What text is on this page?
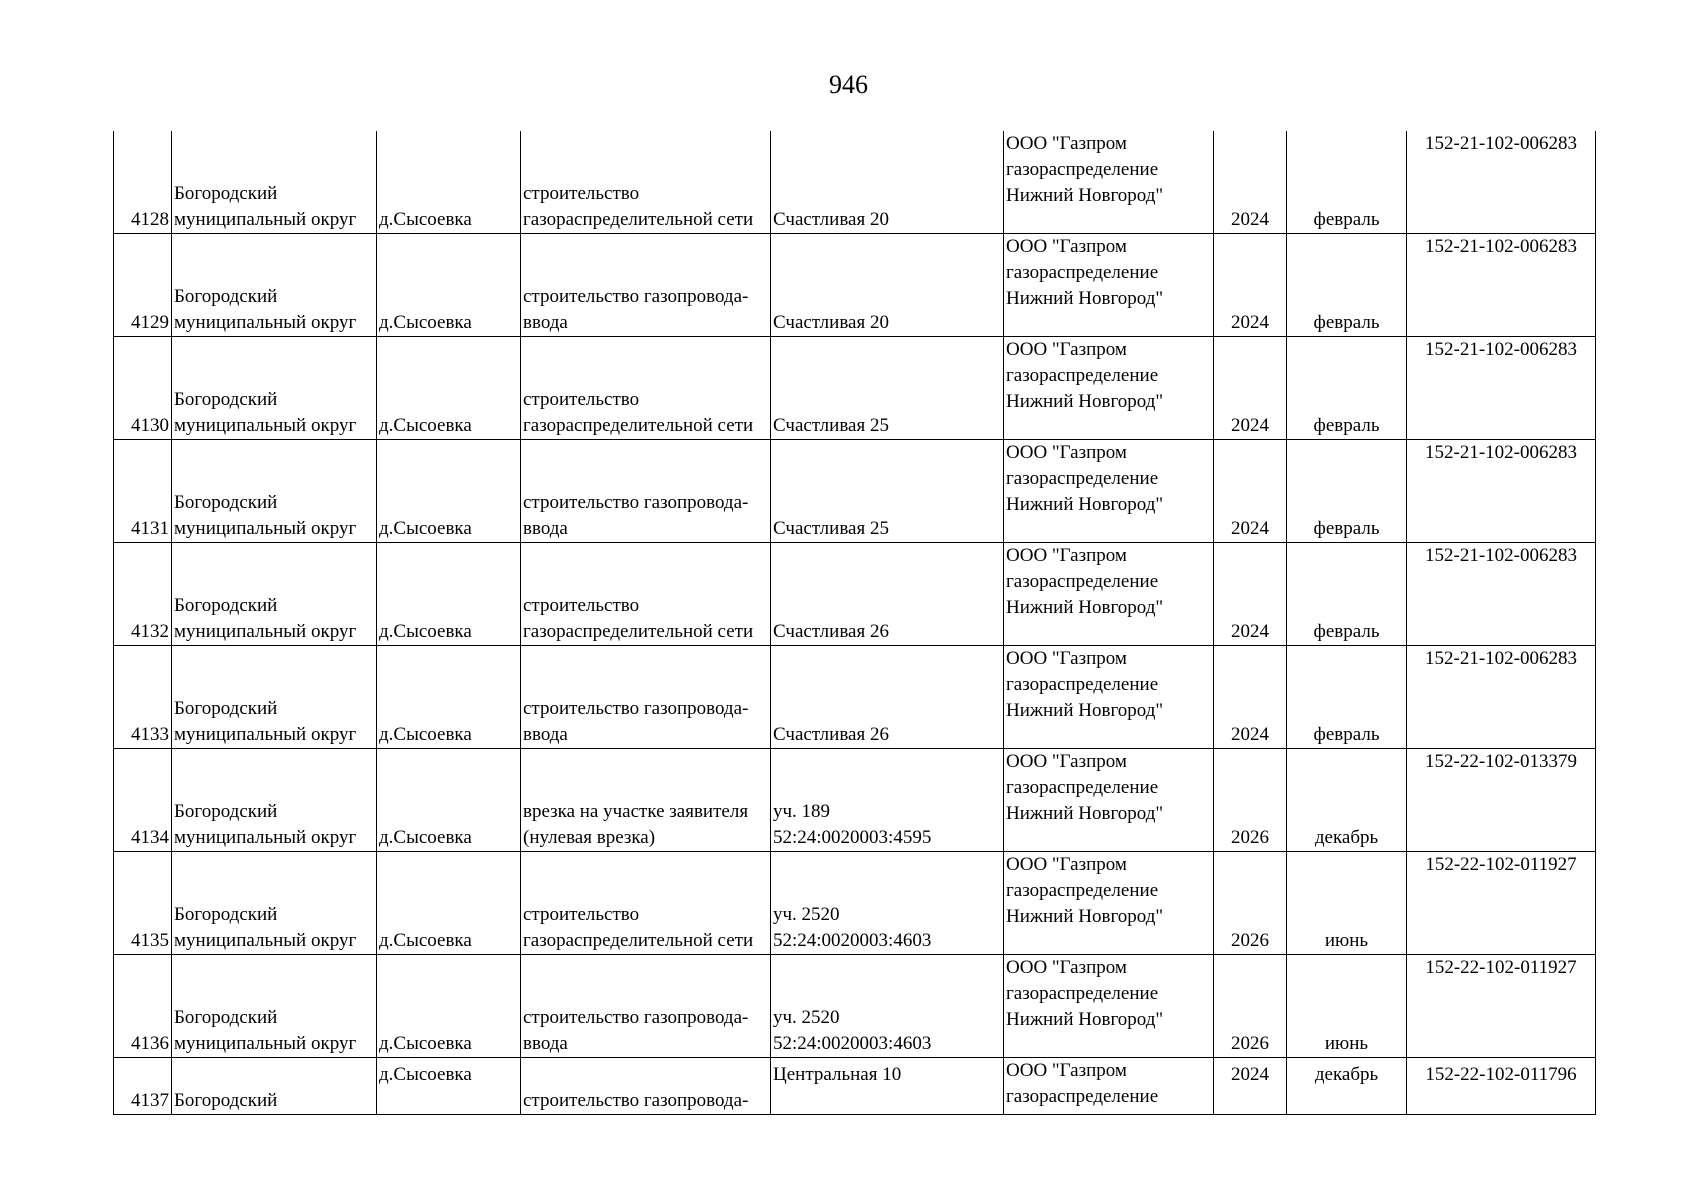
946
4128	Богородский
муниципальный округ	д.Сысоевка	строительство
газораспределительной сети	Счастливая 20	ООО "Газпром
газораспределение
Нижний Новгород"	2024	февраль	152-21-102-006283
4129	Богородский
муниципальный округ	д.Сысоевка	строительство газопровода-
ввода	Счастливая 20	ООО "Газпром
газораспределение
Нижний Новгород"	2024	февраль	152-21-102-006283
4130	Богородский
муниципальный округ	д.Сысоевка	строительство
газораспределительной сети	Счастливая 25	ООО "Газпром
газораспределение
Нижний Новгород"	2024	февраль	152-21-102-006283
4131	Богородский
муниципальный округ	д.Сысоевка	строительство газопровода-
ввода	Счастливая 25	ООО "Газпром
газораспределение
Нижний Новгород"	2024	февраль	152-21-102-006283
4132	Богородский
муниципальный округ	д.Сысоевка	строительство
газораспределительной сети	Счастливая 26	ООО "Газпром
газораспределение
Нижний Новгород"	2024	февраль	152-21-102-006283
4133	Богородский
муниципальный округ	д.Сысоевка	строительство газопровода-
ввода	Счастливая 26	ООО "Газпром
газораспределение
Нижний Новгород"	2024	февраль	152-21-102-006283
4134	Богородский
муниципальный округ	д.Сысоевка	врезка на участке заявителя
(нулевая врезка)	уч. 189
52:24:0020003:4595	ООО "Газпром
газораспределение
Нижний Новгород"	2026	декабрь	152-22-102-013379
4135	Богородский
муниципальный округ	д.Сысоевка	строительство
газораспределительной сети	уч. 2520
52:24:0020003:4603	ООО "Газпром
газораспределение
Нижний Новгород"	2026	июнь	152-22-102-011927
4136	Богородский
муниципальный округ	д.Сысоевка	строительство газопровода-
ввода	уч. 2520
52:24:0020003:4603	ООО "Газпром
газораспределение
Нижний Новгород"	2026	июнь	152-22-102-011927
4137	Богородский	д.Сысоевка	строительство газопровода-	Центральная 10	ООО "Газпром
газораспределение	2024	декабрь	152-22-102-011796
